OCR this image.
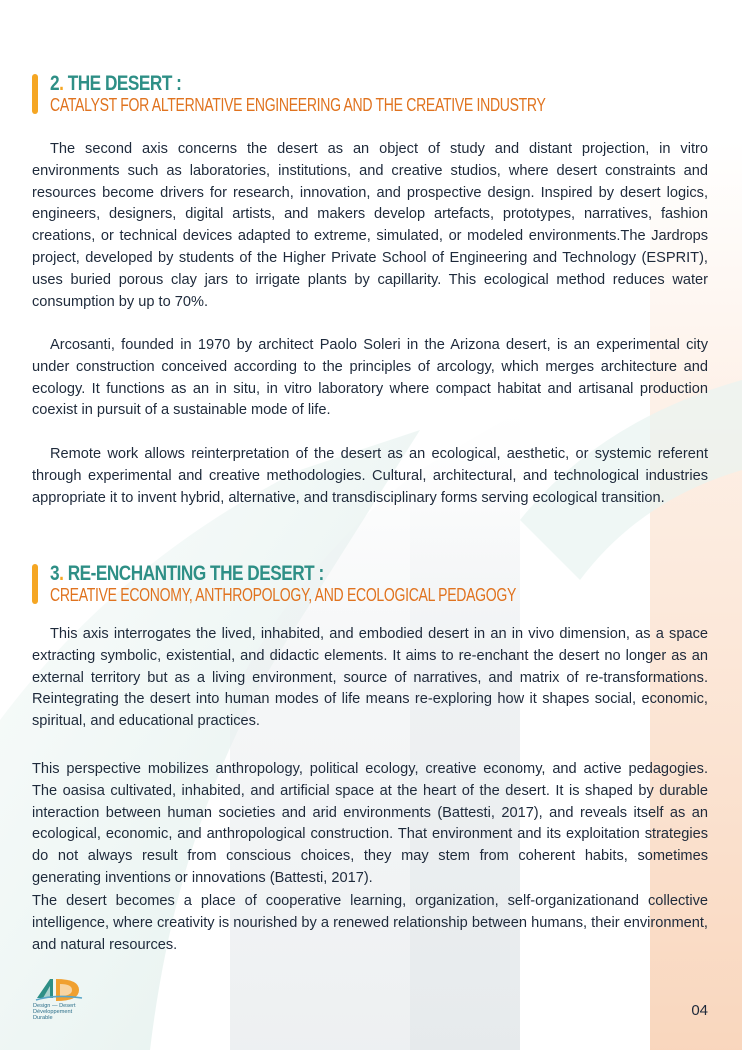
2. THE DESERT :
CATALYST FOR ALTERNATIVE ENGINEERING AND THE CREATIVE INDUSTRY

The second axis concerns the desert as an object of study and distant projection, in vitro environments such as laboratories, institutions, and creative studios, where desert constraints and resources become drivers for research, innovation, and prospective design. Inspired by desert logics, engineers, designers, digital artists, and makers develop artefacts, prototypes, narratives, fashion creations, or technical devices adapted to extreme, simulated, or modeled environments.The Jardrops project, developed by students of the Higher Private School of Engineering and Technology (ESPRIT), uses buried porous clay jars to irrigate plants by capillarity. This ecological method reduces water consumption by up to 70%.

Arcosanti, founded in 1970 by architect Paolo Soleri in the Arizona desert, is an experimental city under construction conceived according to the principles of arcology, which merges architecture and ecology. It functions as an in situ, in vitro laboratory where compact habitat and artisanal production coexist in pursuit of a sustainable mode of life.

Remote work allows reinterpretation of the desert as an ecological, aesthetic, or systemic referent through experimental and creative methodologies. Cultural, architectural, and technological industries appropriate it to invent hybrid, alternative, and transdisciplinary forms serving ecological transition.

3. RE-ENCHANTING THE DESERT :
CREATIVE ECONOMY, ANTHROPOLOGY, AND ECOLOGICAL PEDAGOGY

This axis interrogates the lived, inhabited, and embodied desert in an in vivo dimension, as a space extracting symbolic, existential, and didactic elements. It aims to re-enchant the desert no longer as an external territory but as a living environment, source of narratives, and matrix of re-transformations. Reintegrating the desert into human modes of life means re-exploring how it shapes social, economic, spiritual, and educational practices.

This perspective mobilizes anthropology, political ecology, creative economy, and active pedagogies. The oasisa cultivated, inhabited, and artificial space at the heart of the desert. It is shaped by durable interaction between human societies and arid environments (Battesti, 2017), and reveals itself as an ecological, economic, and anthropological construction. That environment and its exploitation strategies do not always result from conscious choices, they may stem from coherent habits, sometimes generating inventions or innovations (Battesti, 2017).

The desert becomes a place of cooperative learning, organization, self-organizationand collective intelligence, where creativity is nourished by a renewed relationship between humans, their environment, and natural resources.

Design — Desert
Développement
Durable	04
